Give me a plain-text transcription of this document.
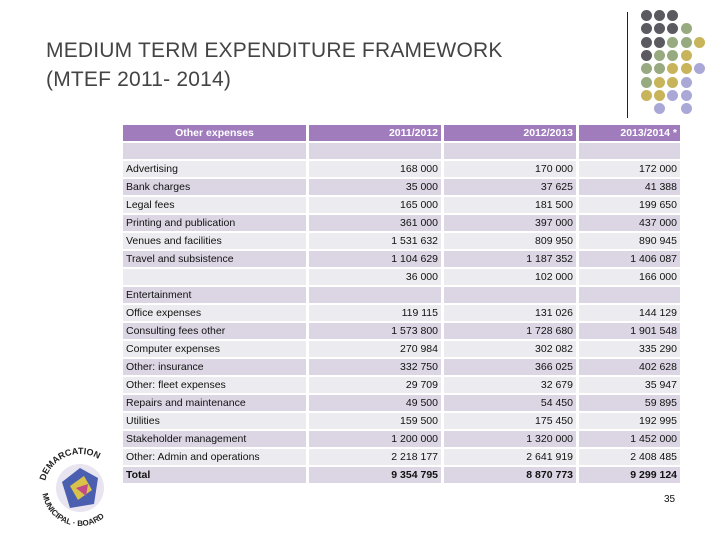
MEDIUM TERM EXPENDITURE FRAMEWORK
(MTEF 2011- 2014)
Other expenses	2011/2012	2012/2013	2013/2014 *

Advertising	168 000	170 000	172 000
Bank charges	35 000	37 625	41 388
Legal fees	165 000	181 500	199 650
Printing and publication	361 000	397 000	437 000
Venues and facilities	1 531 632	809 950	890 945
Travel and subsistence	1 104 629	1 187 352	1 406 087
	36 000	102 000	166 000
Entertainment			
Office expenses	119 115	131 026	144 129
Consulting fees other	1 573 800	1 728 680	1 901 548
Computer expenses	270 984	302 082	335 290
Other: insurance	332 750	366 025	402 628
Other: fleet expenses	29 709	32 679	35 947
Repairs and maintenance	49 500	54 450	59 895
Utilities	159 500	175 450	192 995
Stakeholder management	1 200 000	1 320 000	1 452 000
Other: Admin and operations	2 218 177	2 641 919	2 408 485
Total	9 354 795	8 870 773	9 299 124
DEMARCATION
MUNICIPAL · BOARD
35
